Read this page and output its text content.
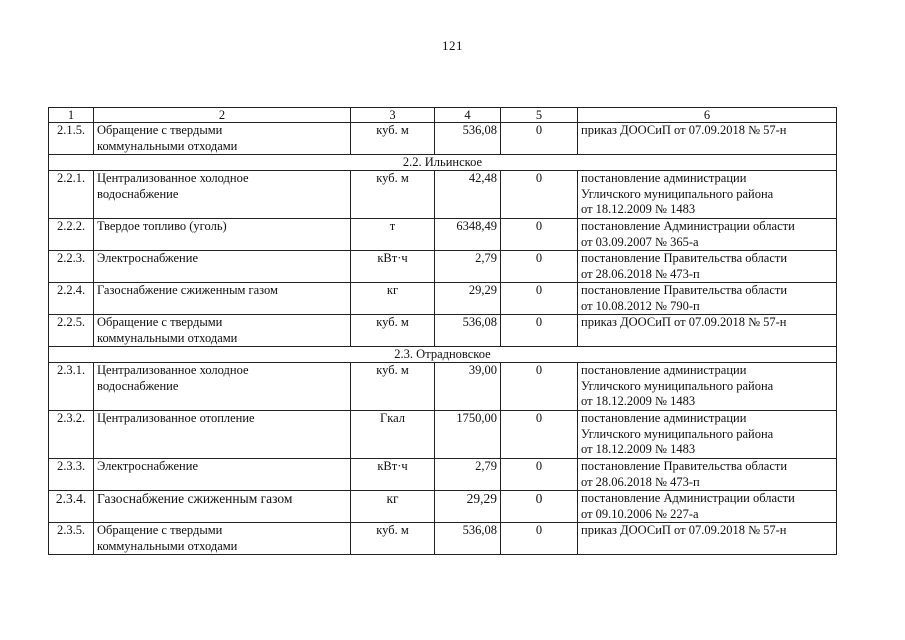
121
1	2	3	4	5	6
2.1.5.	Обращение с твердыми
коммунальными отходами	куб. м	536,08	0	приказ ДООСиП от 07.09.2018 № 57-н

2.2. Ильинское					
2.2.1.	Централизованное холодное
водоснабжение	куб. м	42,48	0	постановление администрации
Угличского муниципального района
от 18.12.2009 № 1483

2.2.2.	Твердое топливо (уголь)	т	6348,49	0	постановление Администрации области
от 03.09.2007 № 365-а

2.2.3.	Электроснабжение	кВт·ч	2,79	0	постановление Правительства области
от 28.06.2018 № 473-п

2.2.4.	Газоснабжение сжиженным газом	кг	29,29	0	постановление Правительства области
от 10.08.2012 № 790-п

2.2.5.	Обращение с твердыми
коммунальными отходами	куб. м	536,08	0	приказ ДООСиП от 07.09.2018 № 57-н

2.3. Отрадновское					
2.3.1.	Централизованное холодное
водоснабжение	куб. м	39,00	0	постановление администрации
Угличского муниципального района
от 18.12.2009 № 1483

2.3.2.	Централизованное отопление	Гкал	1750,00	0	постановление администрации
Угличского муниципального района
от 18.12.2009 № 1483

2.3.3.	Электроснабжение	кВт·ч	2,79	0	постановление Правительства области
от 28.06.2018 № 473-п

2.3.4.	Газоснабжение сжиженным газом	кг	29,29	0	постановление Администрации области
от 09.10.2006 № 227-а

2.3.5.	Обращение с твердыми
коммунальными отходами	куб. м	536,08	0	приказ ДООСиП от 07.09.2018 № 57-н
